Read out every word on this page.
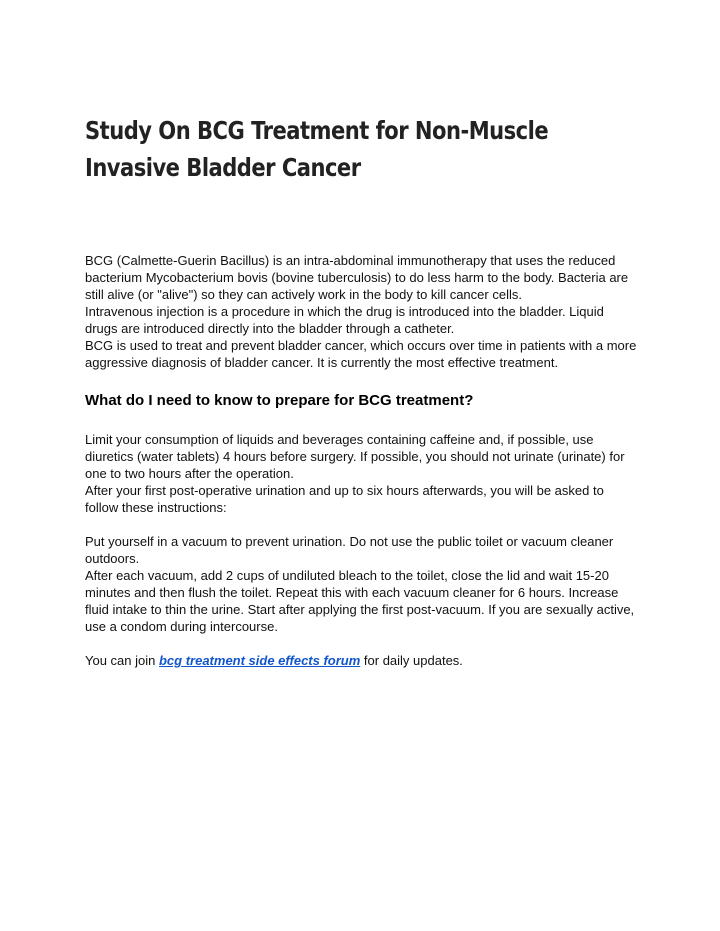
Study On BCG Treatment for Non-Muscle Invasive Bladder Cancer

BCG (Calmette-Guerin Bacillus) is an intra-abdominal immunotherapy that uses the reduced
bacterium Mycobacterium bovis (bovine tuberculosis) to do less harm to the body. Bacteria are
still alive (or "alive") so they can actively work in the body to kill cancer cells.
Intravenous injection is a procedure in which the drug is introduced into the bladder. Liquid
drugs are introduced directly into the bladder through a catheter.
BCG is used to treat and prevent bladder cancer, which occurs over time in patients with a more
aggressive diagnosis of bladder cancer. It is currently the most effective treatment.

What do I need to know to prepare for BCG treatment?

Limit your consumption of liquids and beverages containing caffeine and, if possible, use
diuretics (water tablets) 4 hours before surgery. If possible, you should not urinate (urinate) for
one to two hours after the operation.
After your first post-operative urination and up to six hours afterwards, you will be asked to
follow these instructions:

Put yourself in a vacuum to prevent urination. Do not use the public toilet or vacuum cleaner
outdoors.
After each vacuum, add 2 cups of undiluted bleach to the toilet, close the lid and wait 15-20
minutes and then flush the toilet. Repeat this with each vacuum cleaner for 6 hours. Increase
fluid intake to thin the urine. Start after applying the first post-vacuum. If you are sexually active,
use a condom during intercourse.

You can join bcg treatment side effects forum for daily updates.
